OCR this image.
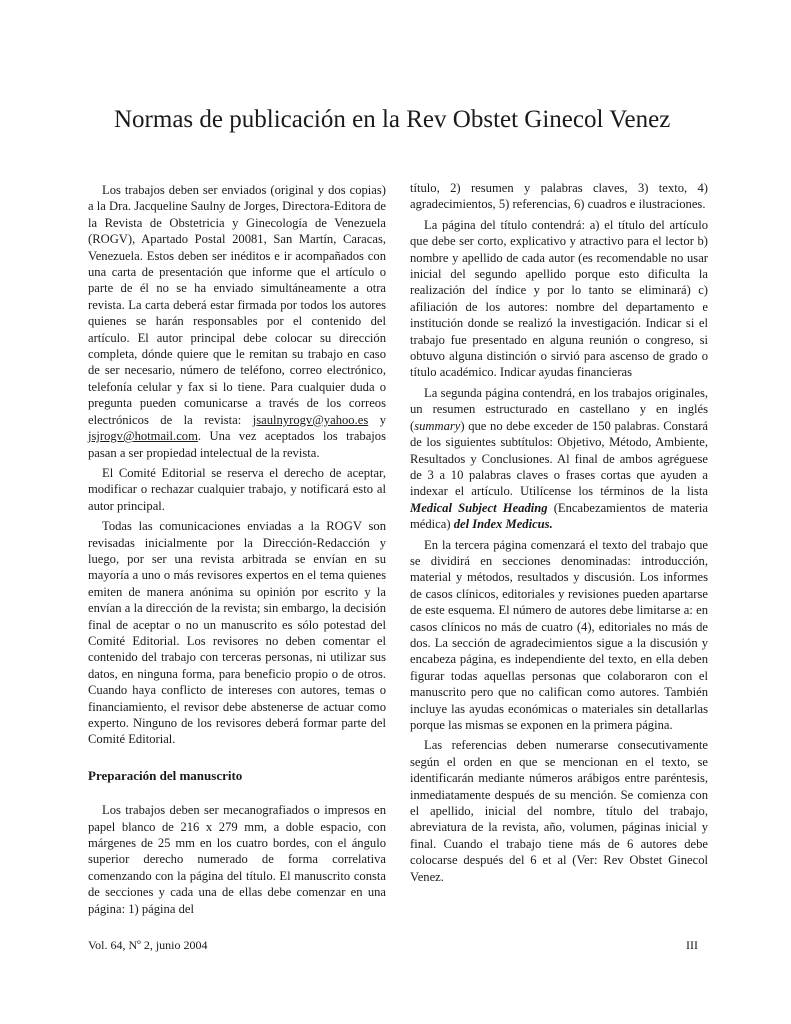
Normas de publicación en la Rev Obstet Ginecol Venez

Los trabajos deben ser enviados (original y dos copias) a la Dra. Jacqueline Saulny de Jorges, Directora-Editora de la Revista de Obstetricia y Ginecología de Venezuela (ROGV), Apartado Postal 20081, San Martín, Caracas, Venezuela. Estos deben ser inéditos e ir acompañados con una carta de presentación que informe que el artículo o parte de él no se ha enviado simultáneamente a otra revista. La carta deberá estar firmada por todos los autores quienes se harán responsables por el contenido del artículo. El autor principal debe colocar su dirección completa, dónde quiere que le remitan su trabajo en caso de ser necesario, número de teléfono, correo electrónico, telefonía celular y fax si lo tiene. Para cualquier duda o pregunta pueden comunicarse a través de los correos electrónicos de la revista: jsaulnyrogv@yahoo.es y jsjrogv@hotmail.com. Una vez aceptados los trabajos pasan a ser propiedad intelectual de la revista.

El Comité Editorial se reserva el derecho de aceptar, modificar o rechazar cualquier trabajo, y notificará esto al autor principal.

Todas las comunicaciones enviadas a la ROGV son revisadas inicialmente por la Dirección-Redacción y luego, por ser una revista arbitrada se envían en su mayoría a uno o más revisores expertos en el tema quienes emiten de manera anónima su opinión por escrito y la envían a la dirección de la revista; sin embargo, la decisión final de aceptar o no un manuscrito es sólo potestad del Comité Editorial. Los revisores no deben comentar el contenido del trabajo con terceras personas, ni utilizar sus datos, en ninguna forma, para beneficio propio o de otros. Cuando haya conflicto de intereses con autores, temas o financiamiento, el revisor debe abstenerse de actuar como experto. Ninguno de los revisores deberá formar parte del Comité Editorial.

Preparación del manuscrito

Los trabajos deben ser mecanografiados o impresos en papel blanco de 216 x 279 mm, a doble espacio, con márgenes de 25 mm en los cuatro bordes, con el ángulo superior derecho numerado de forma correlativa comenzando con la página del título. El manuscrito consta de secciones y cada una de ellas debe comenzar en una página: 1) página del

título, 2) resumen y palabras claves, 3) texto, 4) agradecimientos, 5) referencias, 6) cuadros e ilustraciones.

La página del título contendrá: a) el título del artículo que debe ser corto, explicativo y atractivo para el lector b) nombre y apellido de cada autor (es recomendable no usar inicial del segundo apellido porque esto dificulta la realización del índice y por lo tanto se eliminará) c) afiliación de los autores: nombre del departamento e institución donde se realizó la investigación. Indicar si el trabajo fue presentado en alguna reunión o congreso, si obtuvo alguna distinción o sirvió para ascenso de grado o título académico. Indicar ayudas financieras

La segunda página contendrá, en los trabajos originales, un resumen estructurado en castellano y en inglés (summary) que no debe exceder de 150 palabras. Constará de los siguientes subtítulos: Objetivo, Método, Ambiente, Resultados y Conclusiones. Al final de ambos agréguese de 3 a 10 palabras claves o frases cortas que ayuden a indexar el artículo. Utilícense los términos de la lista Medical Subject Heading (Encabezamientos de materia médica) del Index Medicus.

En la tercera página comenzará el texto del trabajo que se dividirá en secciones denominadas: introducción, material y métodos, resultados y discusión. Los informes de casos clínicos, editoriales y revisiones pueden apartarse de este esquema. El número de autores debe limitarse a: en casos clínicos no más de cuatro (4), editoriales no más de dos. La sección de agradecimientos sigue a la discusión y encabeza página, es independiente del texto, en ella deben figurar todas aquellas personas que colaboraron con el manuscrito pero que no califican como autores. También incluye las ayudas económicas o materiales sin detallarlas porque las mismas se exponen en la primera página.

Las referencias deben numerarse consecutivamente según el orden en que se mencionan en el texto, se identificarán mediante números arábigos entre paréntesis, inmediatamente después de su mención. Se comienza con el apellido, inicial del nombre, título del trabajo, abreviatura de la revista, año, volumen, páginas inicial y final. Cuando el trabajo tiene más de 6 autores debe colocarse después del 6 et al (Ver: Rev Obstet Ginecol Venez.

Vol. 64, Nº 2, junio 2004	III
